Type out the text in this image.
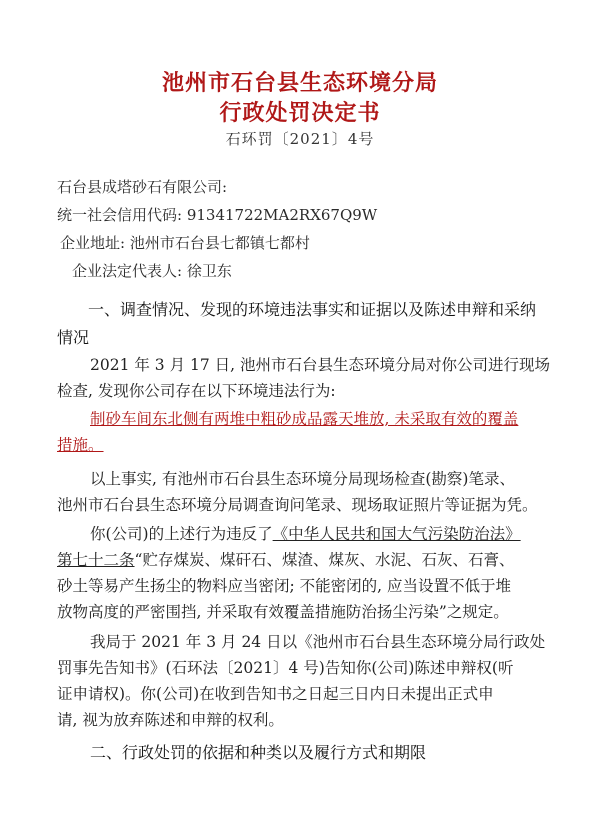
池州市石台县生态环境分局
行政处罚决定书
石环罚〔2021〕4号
石台县成塔砂石有限公司:
统一社会信用代码: 91341722MA2RX67Q9W
企业地址: 池州市石台县七都镇七都村
企业法定代表人: 徐卫东
一、调查情况、发现的环境违法事实和证据以及陈述申辩和采纳
情况
2021 年 3 月 17 日, 池州市石台县生态环境分局对你公司进行现场
检查, 发现你公司存在以下环境违法行为:
制砂车间东北侧有两堆中粗砂成品露天堆放, 未采取有效的覆盖
措施。
以上事实, 有池州市石台县生态环境分局现场检查(勘察)笔录、
池州市石台县生态环境分局调查询问笔录、现场取证照片等证据为凭。
你(公司)的上述行为违反了《中华人民共和国大气污染防治法》
第七十二条“贮存煤炭、煤矸石、煤渣、煤灰、水泥、石灰、石膏、
砂土等易产生扬尘的物料应当密闭; 不能密闭的, 应当设置不低于堆
放物高度的严密围挡, 并采取有效覆盖措施防治扬尘污染”之规定。
我局于 2021 年 3 月 24 日以《池州市石台县生态环境分局行政处
罚事先告知书》(石环法〔2021〕4 号)告知你(公司)陈述申辩权(听
证申请权)。你(公司)在收到告知书之日起三日内日未提出正式申
请, 视为放弃陈述和申辩的权利。
二、行政处罚的依据和种类以及履行方式和期限
